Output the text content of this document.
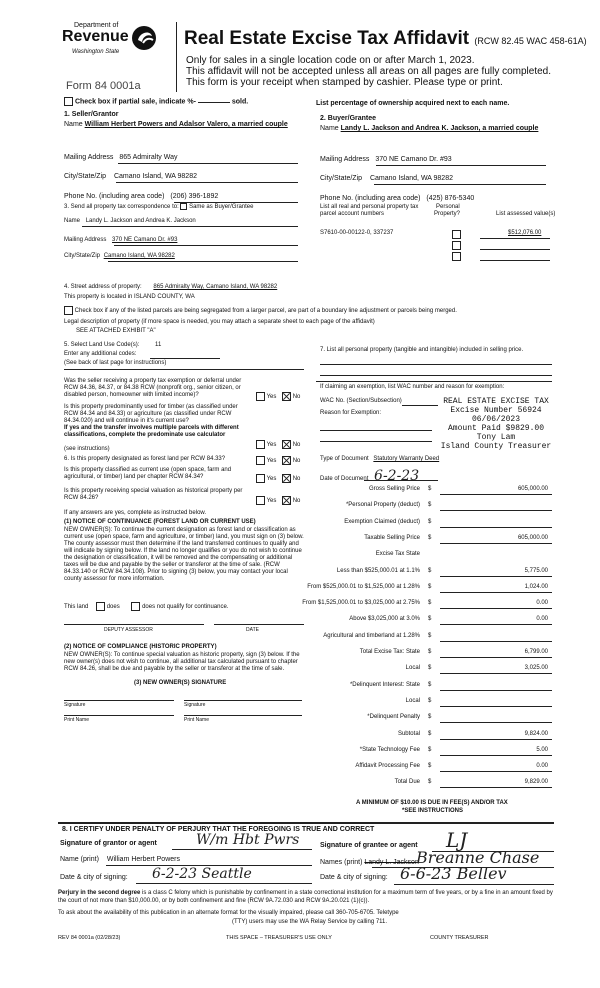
Department of
Revenue
Washington State
Form 84 0001a
Real Estate Excise Tax Affidavit (RCW 82.45 WAC 458-61A)
Only for sales in a single location code on or after March 1, 2023.
This affidavit will not be accepted unless all areas on all pages are fully completed.
This form is your receipt when stamped by cashier. Please type or print.
Check box if partial sale, indicate %-	sold.	List percentage of ownership acquired next to each name.
1. Seller/Grantor
Name William Herbert Powers and Adalsor Valero, a married couple
Mailing Address 865 Admiralty Way
City/State/Zip Camano Island, WA 98282
Phone No. (including area code) (206) 396-1892
3. Send all property tax correspondence to: Same as Buyer/Grantee
Name Landy L. Jackson and Andrea K. Jackson
Mailing Address 370 NE Camano Dr. #93
City/State/Zip Camano Island, WA 98282
2. Buyer/Grantee
Name Landy L. Jackson and Andrea K. Jackson, a married couple
Mailing Address 370 NE Camano Dr. #93
City/State/Zip Camano Island, WA 98282
Phone No. (including area code) (425) 876-5340
List all real and personal property tax
parcel account numbers
Personal
Property?	List assessed value(s)
S7610-00-00122-0, 337237	$512,076.00
4. Street address of property: 865 Admiralty Way, Camano Island, WA 98282
This property is located in ISLAND COUNTY, WA
Check box if any of the listed parcels are being segregated from a larger parcel, are part of a boundary line adjustment or parcels being merged.
Legal description of property (if more space is needed, you may attach a separate sheet to each page of the affidavit)
SEE ATTACHED EXHIBIT "A"
5. Select Land Use Code(s):	11
Enter any additional codes:
(See back of last page for instructions)
7. List all personal property (tangible and intangible) included in selling price.
Was the seller receiving a property tax exemption or deferral under RCW 84.36, 84.37, or 84.38 RCW (nonprofit org., senior citizen, or disabled person, homeowner with limited income)?	Yes	No
Is this property predominantly used for timber (as classified under RCW 84.34 and 84.33) or agriculture (as classified under RCW 84.34.020) and will continue in it's current use?
If yes and the transfer involves multiple parcels with different classifications, complete the predominate use calculator
(see instructions)
Yes	No
6. Is this property designated as forest land per RCW 84.33?	Yes	No
Is this property classified as current use (open space, farm and agricultural, or timber) land per chapter RCW 84.34?	Yes	No
Is this property receiving special valuation as historical property per RCW 84.26?
Yes	No
If any answers are yes, complete as instructed below.
(1) NOTICE OF CONTINUANCE (FOREST LAND OR CURRENT USE)
NEW OWNER(S): To continue the current designation as forest land or classification as current use (open space, farm and agriculture, or timber) land, you must sign on (3) below. The county assessor must then determine if the land transferred continues to qualify and will indicate by signing below. If the land no longer qualifies or you do not wish to continue the designation or classification, it will be removed and the compensating or additional taxes will be due and payable by the seller or transferor at the time of sale. (RCW 84.33.140 or RCW 84.34.108). Prior to signing (3) below, you may contact your local county assessor for more information.
This land	does	does not qualify for continuance.
DEPUTY ASSESSOR	DATE
(2) NOTICE OF COMPLIANCE (HISTORIC PROPERTY)
NEW OWNER(S): To continue special valuation as historic property, sign (3) below. If the new owner(s) does not wish to continue, all additional tax calculated pursuant to chapter RCW 84.26, shall be due and payable by the seller or transferor at the time of sale.
(3) NEW OWNER(S) SIGNATURE
Signature	Signature
Print Name	Print Name
If claiming an exemption, list WAC number and reason for exemption:
WAC No. (Section/Subsection)
Reason for Exemption:
REAL ESTATE EXCISE TAX
Excise Number 56924
06/06/2023
Amount Paid $9829.00
Tony Lam
Island County Treasurer
Type of Document Statutory Warranty Deed
Date of Document 6-2-23
Gross Selling Price $	605,000.00
*Personal Property (deduct) $
Exemption Claimed (deduct) $
Taxable Selling Price $	605,000.00
Excise Tax State
Less than $525,000.01 at 1.1% $	5,775.00
From $525,000.01 to $1,525,000 at 1.28% $	1,024.00
From $1,525,000.01 to $3,025,000 at 2.75% $	0.00
Above $3,025,000 at 3.0% $	0.00
Agricultural and timberland at 1.28% $
Total Excise Tax: State $	6,799.00
Local $	3,025.00
*Delinquent Interest: State $
Local $
*Delinquent Penalty $
Subtotal $	9,824.00
*State Technology Fee $	5.00
Affidavit Processing Fee $	0.00
Total Due $	9,829.00
A MINIMUM OF $10.00 IS DUE IN FEE(S) AND/OR TAX
*SEE INSTRUCTIONS
8. I CERTIFY UNDER PENALTY OF PERJURY THAT THE FOREGOING IS TRUE AND CORRECT
Signature of grantor or agent	W/m Hbt Pwrs	Signature of grantee or agent LJ
Name (print) William Herbert Powers	Names (print) Landy L. Jackson
Breanne Chase
Date & city of signing: 6-2-23 Seattle	Date & city of signing: 6-6-23 Bellev
Perjury in the second degree is a class C felony which is punishable by confinement in a state correctional institution for a maximum term of five years, or by a fine in an amount fixed by the court of not more than $10,000.00, or by both confinement and fine (RCW 9A.72.030 and RCW 9A.20.021 (1)(c)).
To ask about the availability of this publication in an alternate format for the visually impaired, please call 360-705-6705. Teletype
(TTY) users may use the WA Relay Service by calling 711.
REV 84 0001a (02/28/23)	THIS SPACE – TREASURER'S USE ONLY	COUNTY TREASURER
